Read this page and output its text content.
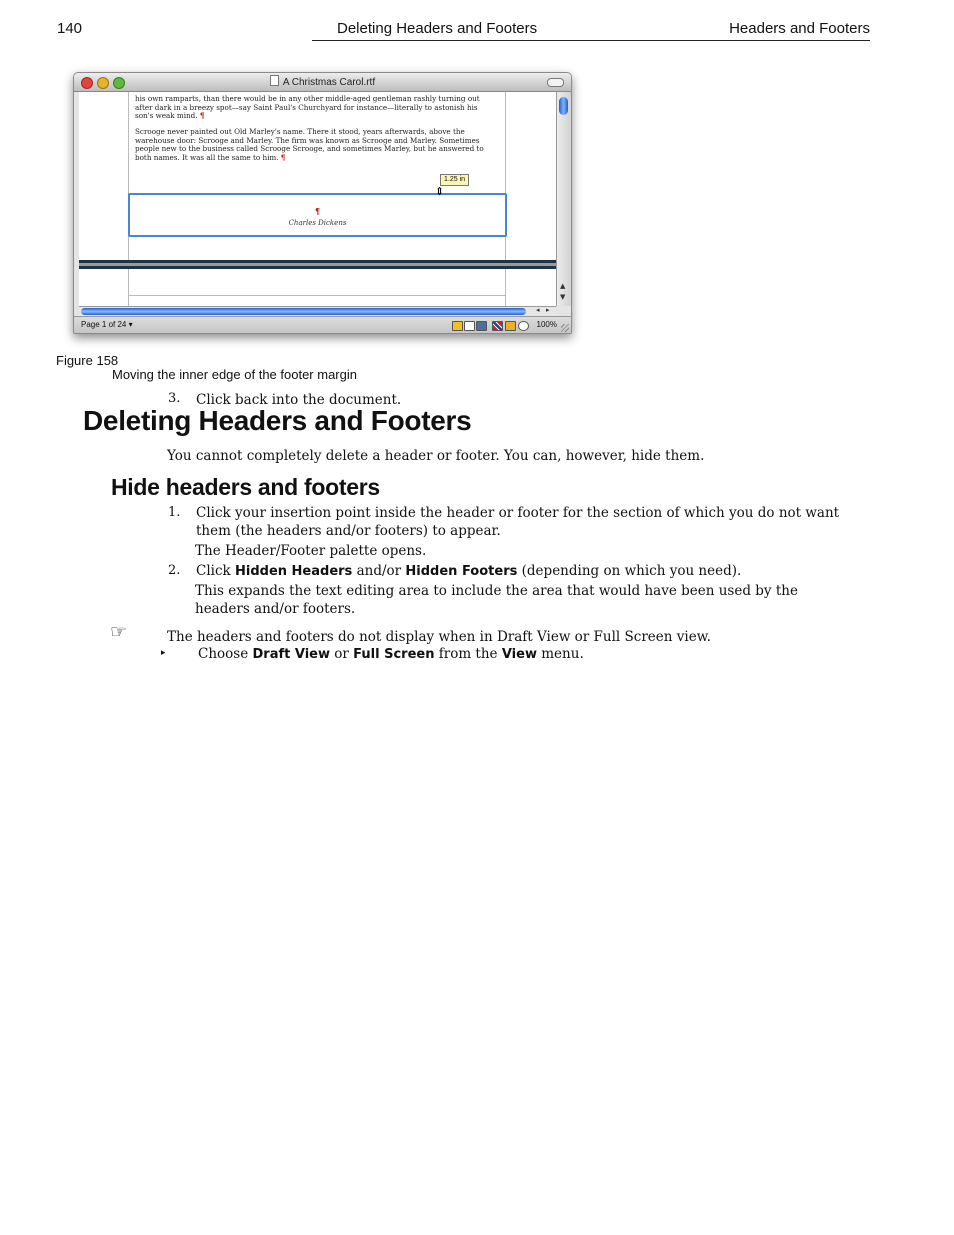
140	Deleting Headers and Footers	Headers and Footers
A Christmas Carol.rtf
his own ramparts, than there would be in any other middle-aged gentleman rashly turning out
after dark in a breezy spot—say Saint Paul's Churchyard for instance—literally to astonish his
son's weak mind. ¶
Scrooge never painted out Old Marley's name. There it stood, years afterwards, above the
warehouse door: Scrooge and Marley. The firm was known as Scrooge and Marley. Sometimes
people new to the business called Scrooge Scrooge, and sometimes Marley, but he answered to
both names. It was all the same to him. ¶
¶
Charles Dickens
1.25 in
⇕
▲
▼
◂ ▸
Page 1 of 24 ▾	100%
Figure 158
Moving the inner edge of the footer margin
3. Click back into the document.
Deleting Headers and Footers
You cannot completely delete a header or footer. You can, however, hide them.
Hide headers and footers
1. Click your insertion point inside the header or footer for the section of which you do not want
them (the headers and/or footers) to appear.
The Header/Footer palette opens.
2. Click Hidden Headers and/or Hidden Footers (depending on which you need).
This expands the text editing area to include the area that would have been used by the
headers and/or footers.
☞	The headers and footers do not display when in Draft View or Full Screen view.
▸ Choose Draft View or Full Screen from the View menu.
